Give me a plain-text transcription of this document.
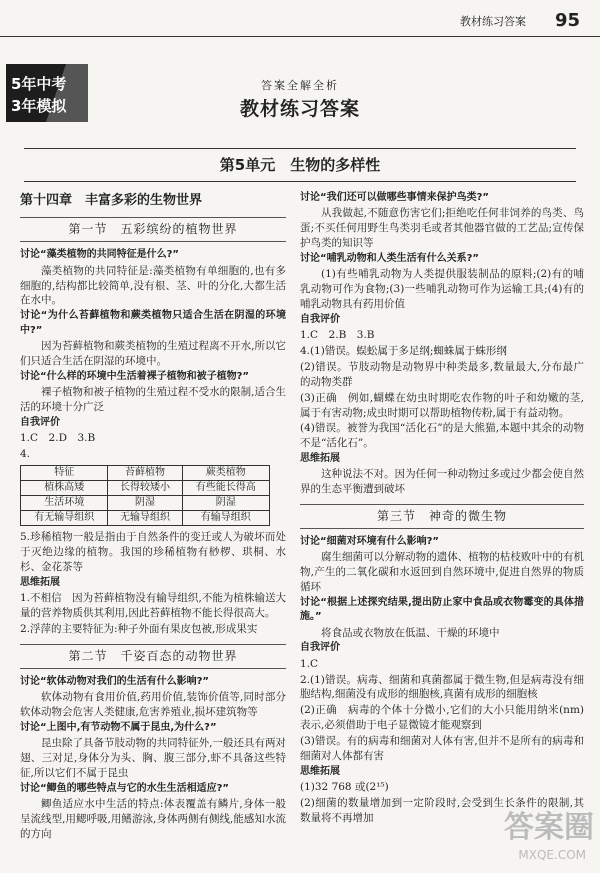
教材练习答案 95
5年中考
3年模拟
答案全解全析
教材练习答案
第5单元　生物的多样性
第十四章　丰富多彩的生物世界
第一节　五彩缤纷的植物世界

讨论“藻类植物的共同特征是什么?”

藻类植物的共同特征是:藻类植物有单细胞的,也有多细胞的,结构都比较简单,没有根、茎、叶的分化,大都生活在水中。

讨论“为什么苔藓植物和蕨类植物只适合生活在阴湿的环境中?”

因为苔藓植物和蕨类植物的生殖过程离不开水,所以它们只适合生活在阴湿的环境中。

讨论“什么样的环境中生活着裸子植物和被子植物?”

裸子植物和被子植物的生殖过程不受水的限制,适合生活的环境十分广泛

自我评价

1.C　2.D　3.B

4.

特征	苔藓植物	蕨类植物
植株高矮	长得较矮小	有些能长得高
生活环境	阴湿	阴湿
有无输导组织	无输导组织	有输导组织

5.珍稀植物一般是指由于自然条件的变迁或人为破坏而处于灭绝边缘的植物。我国的珍稀植物有桫椤、珙桐、水杉、金花茶等

思维拓展

1.不相信　因为苔藓植物没有输导组织,不能为植株输送大量的营养物质供其利用,因此苔藓植物不能长得很高大。

2.浮萍的主要特征为:种子外面有果皮包被,形成果实

第二节　千姿百态的动物世界

讨论“软体动物对我们的生活有什么影响?”

软体动物有食用价值,药用价值,装饰价值等,同时部分软体动物会危害人类健康,危害养殖业,损坏建筑物等

讨论“上图中,有节动物不属于昆虫,为什么?”

昆虫除了具备节肢动物的共同特征外,一般还具有两对翅、三对足,身体分为头、胸、腹三部分,虾不具备这些特征,所以它们不属于昆虫

讨论“鲫鱼的哪些特点与它的水生生活相适应?”

鲫鱼适应水中生活的特点:体表覆盖有鳞片,身体一般呈流线型,用鳃呼吸,用鳍游泳,身体两侧有侧线,能感知水流的方向

讨论“我们还可以做哪些事情来保护鸟类?”

从我做起,不随意伤害它们;拒绝吃任何非饲养的鸟类、鸟蛋;不买任何用野生鸟类羽毛或者其他器官做的工艺品;宣传保护鸟类的知识等

讨论“哺乳动物和人类生活有什么关系?”

(1)有些哺乳动物为人类提供服装制品的原料;(2)有的哺乳动物可作为食物;(3)一些哺乳动物可作为运输工具;(4)有的哺乳动物具有药用价值

自我评价

1.C　2.B　3.B

4.(1)错误。蜈蚣属于多足纲;蜘蛛属于蛛形纲

(2)错误。节肢动物是动物界中种类最多,数量最大,分布最广的动物类群

(3)正确　例如,蝴蝶在幼虫时期吃农作物的叶子和幼嫩的茎,属于有害动物;成虫时期可以帮助植物传粉,属于有益动物。

(4)错误。被誉为我国“活化石”的是大熊猫,本题中其余的动物不是“活化石”。

思维拓展

这种说法不对。因为任何一种动物过多或过少都会使自然界的生态平衡遭到破坏

第三节　神奇的微生物

讨论“细菌对环境有什么影响?”

腐生细菌可以分解动物的遗体、植物的枯枝败叶中的有机物,产生的二氧化碳和水返回到自然环境中,促进自然界的物质循环

讨论“根据上述探究结果,提出防止家中食品或衣物霉变的具体措施。”

将食品或衣物放在低温、干燥的环境中

自我评价

1.C

2.(1)错误。病毒、细菌和真菌都属于微生物,但是病毒没有细胞结构,细菌没有成形的细胞核,真菌有成形的细胞核

(2)正确　病毒的个体十分微小,它们的大小只能用纳米(nm)表示,必须借助于电子显微镜才能观察到

(3)错误。有的病毒和细菌对人体有害,但并不是所有的病毒和细菌对人体都有害

思维拓展

(1)32 768 或(2¹⁵)

(2)细菌的数量增加到一定阶段时,会受到生长条件的限制,其数量将不再增加	答案圈
MXQE.COM
